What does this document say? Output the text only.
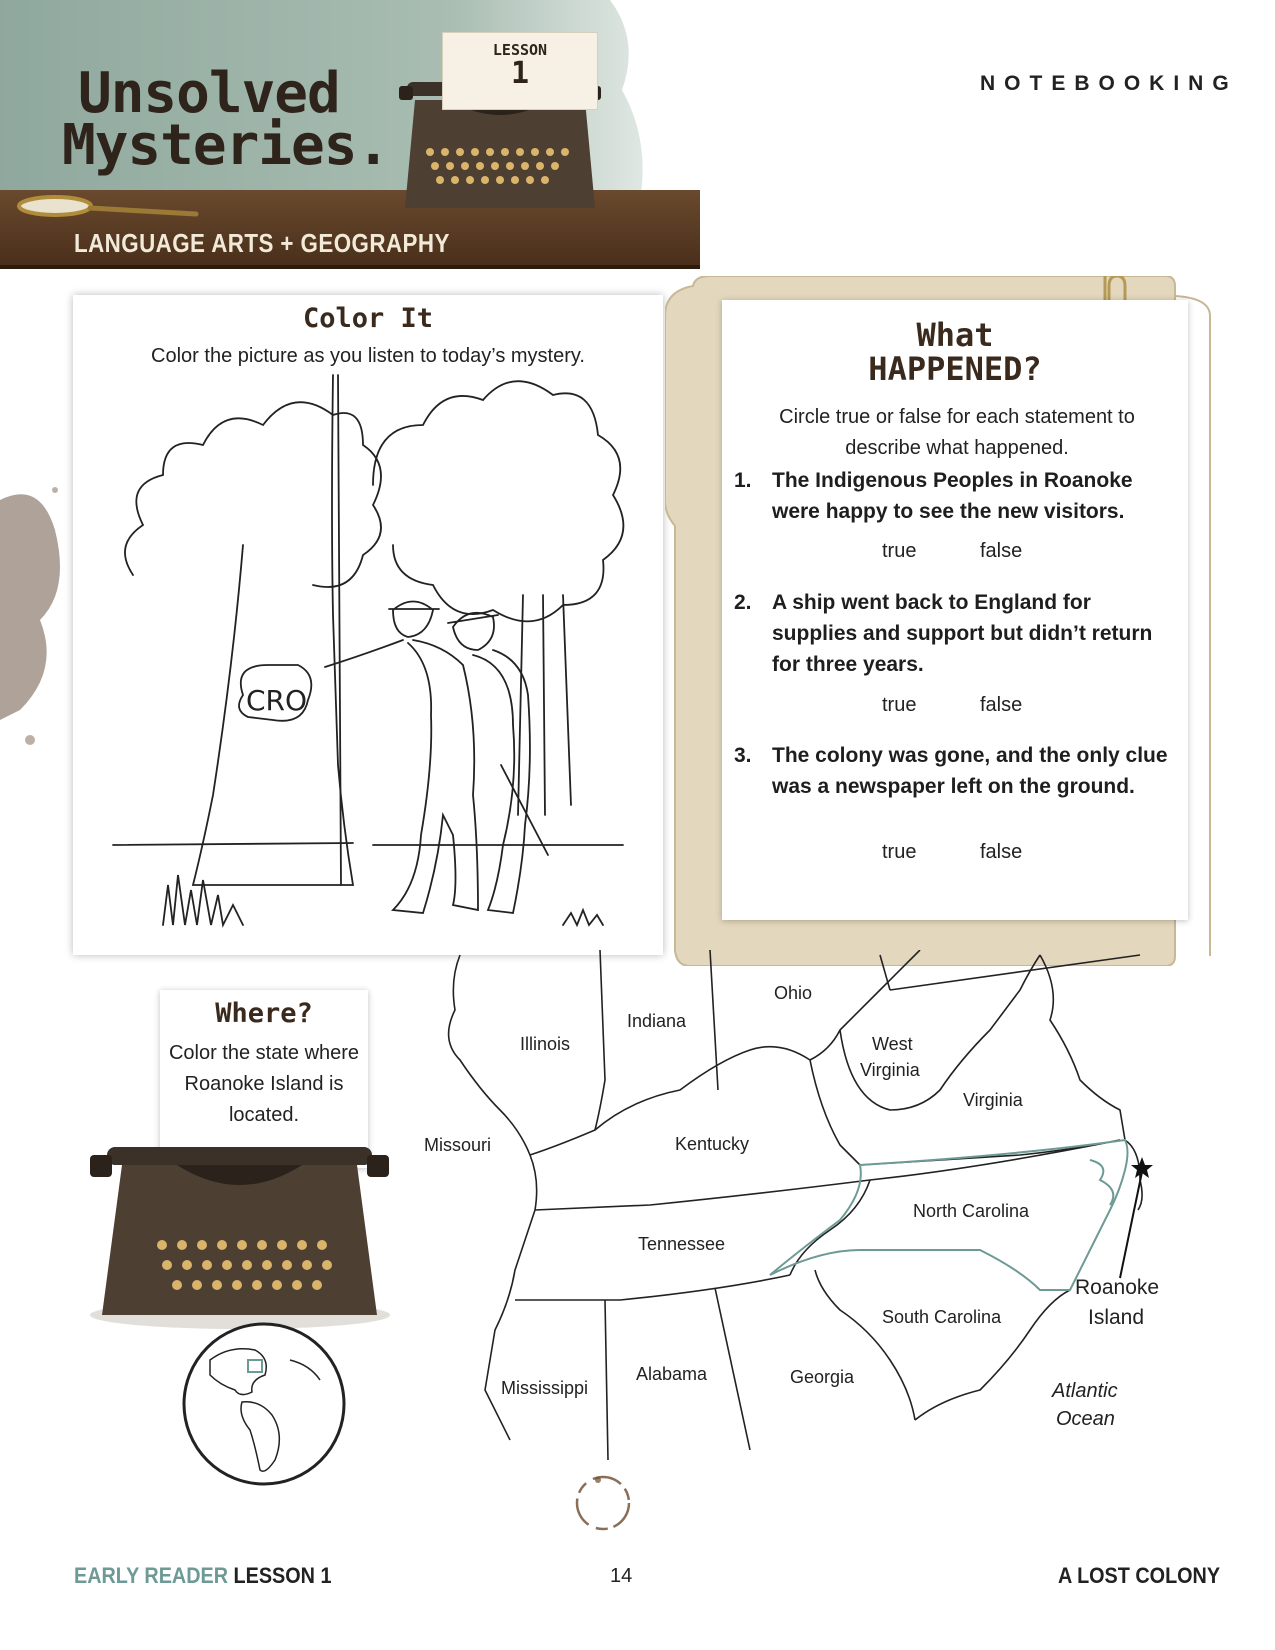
LANGUAGE ARTS + GEOGRAPHY
Unsolved
Mysteries.
LESSON
1	NOTEBOOKING
Color It
Color the picture as you listen to today’s mystery.
CRO
What
HAPPENED?
Circle true or false for each statement to describe what happened.
1. The Indigenous Peoples in Roanoke were happy to see the new visitors.
true	false
2. A ship went back to England for supplies and support but didn’t return for three years.
true	false
3. The colony was gone, and the only clue was a newspaper left on the ground.
true	false
Where?
Color the state where Roanoke Island is located.
Ohio
Indiana
Illinois	West
Virginia
Virginia
Missouri	Kentucky
North Carolina
Tennessee
Roanoke
Island
South Carolina
Alabama
Mississippi
Georgia
Atlantic
Ocean
EARLY READER LESSON 1	14	A LOST COLONY
